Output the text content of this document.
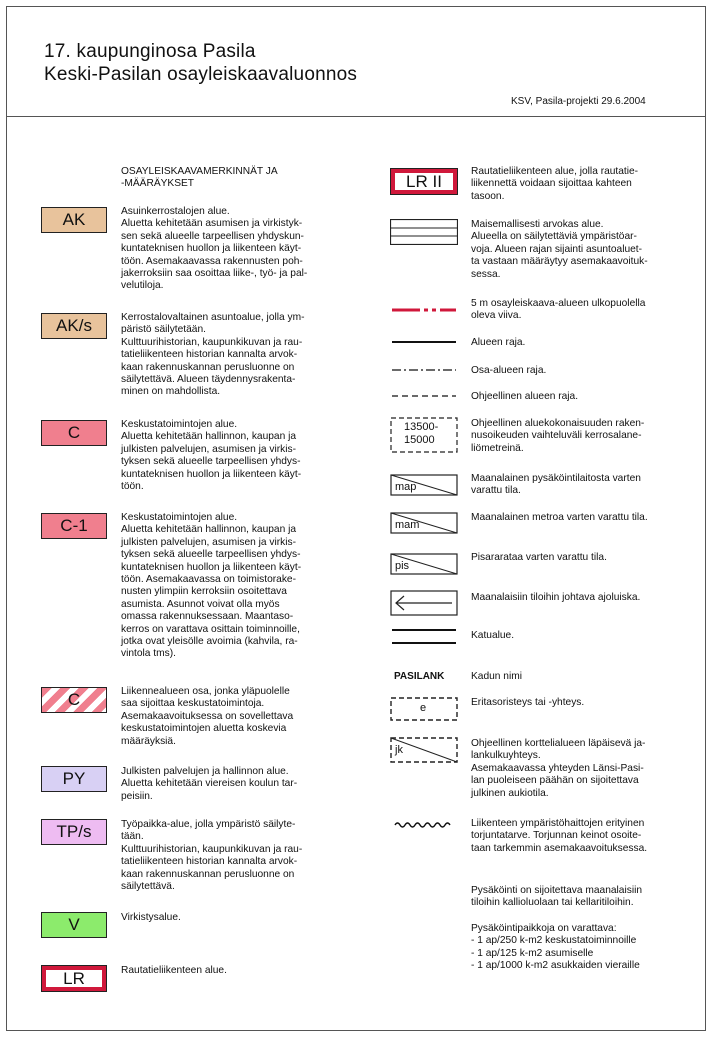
17. kaupunginosa Pasila
Keski-Pasilan osayleiskaavaluonnos
KSV, Pasila-projekti 29.6.2004
OSAYLEISKAAVAMERKINNÄT JA
-MÄÄRÄYKSET
AK	Asuinkerrostalojen alue.
Aluetta kehitetään asumisen ja virkistyk-
sen sekä alueelle tarpeellisen yhdyskun-
kuntateknisen huollon ja liikenteen käyt-
töön. Asemakaavassa rakennusten poh-
jakerroksiin saa osoittaa liike-, työ- ja pal-
velutiloja.
AK/s	Kerrostalovaltainen asuntoalue, jolla ym-
päristö säilytetään.
Kulttuurihistorian, kaupunkikuvan ja rau-
tatieliikenteen historian kannalta arvok-
kaan rakennuskannan perusluonne on
säilytettävä. Alueen täydennysrakenta-
minen on mahdollista.
C	Keskustatoimintojen alue.
Aluetta kehitetään hallinnon, kaupan ja
julkisten palvelujen, asumisen ja virkis-
tyksen sekä alueelle tarpeellisen yhdys-
kuntateknisen huollon ja liikenteen käyt-
töön.
C-1	Keskustatoimintojen alue.
Aluetta kehitetään hallinnon, kaupan ja
julkisten palvelujen, asumisen ja virkis-
tyksen sekä alueelle tarpeellisen yhdys-
kuntateknisen huollon ja liikenteen käyt-
töön. Asemakaavassa on toimistorake-
nusten ylimpiin kerroksiin osoitettava
asumista. Asunnot voivat olla myös
omassa rakennuksessaan. Maantaso-
kerros on varattava osittain toiminnoille,
jotka ovat yleisölle avoimia (kahvila, ra-
vintola tms).
C	Liikennealueen osa, jonka yläpuolelle
saa sijoittaa keskustatoimintoja.
Asemakaavoituksessa on sovellettava
keskustatoimintojen aluetta koskevia
määräyksiä.
PY	Julkisten palvelujen ja hallinnon alue.
Aluetta kehitetään viereisen koulun tar-
peisiin.
TP/s	Työpaikka-alue, jolla ympäristö säilyte-
tään.
Kulttuurihistorian, kaupunkikuvan ja rau-
tatieliikenteen historian kannalta arvok-
kaan rakennuskannan perusluonne on
säilytettävä.
V	Virkistysalue.
LR	Rautatieliikenteen alue.
LR II	Rautatieliikenteen alue, jolla rautatie-
liikennettä voidaan sijoittaa kahteen
tasoon.
Maisemallisesti arvokas alue.
Alueella on säilytettäviä ympäristöar-
voja. Alueen rajan sijainti asuntoaluet-
ta vastaan määräytyy asemakaavoituk-
sessa.
5 m osayleiskaava-alueen ulkopuolella
oleva viiva.
Alueen raja.
Osa-alueen raja.
Ohjeellinen alueen raja.
13500-
15000
Ohjeellinen aluekokonaisuuden raken-
nusoikeuden vaihteluväli kerrosalane-
liömetreinä.
map
Maanalainen pysäköintilaitosta varten
varattu tila.
mam
Maanalainen metroa varten varattu tila.
pis
Pisararataa varten varattu tila.
Maanalaisiin tiloihin johtava ajoluiska.
Katualue.
PASILANK	Kadun nimi
e	Eritasoristeys tai -yhteys.
jk
Ohjeellinen korttelialueen läpäisevä ja-
lankulkuyhteys.
Asemakaavassa yhteyden Länsi-Pasi-
lan puoleiseen päähän on sijoitettava
julkinen aukiotila.
Liikenteen ympäristöhaittojen erityinen
torjuntatarve. Torjunnan keinot osoite-
taan tarkemmin asemakaavoituksessa.
Pysäköinti on sijoitettava maanalaisiin
tiloihin kallioluolaan tai kellaritiloihin.
Pysäköintipaikkoja on varattava:
- 1 ap/250 k-m2 keskustatoiminnoille
- 1 ap/125 k-m2 asumiselle
- 1 ap/1000 k-m2 asukkaiden vieraille
